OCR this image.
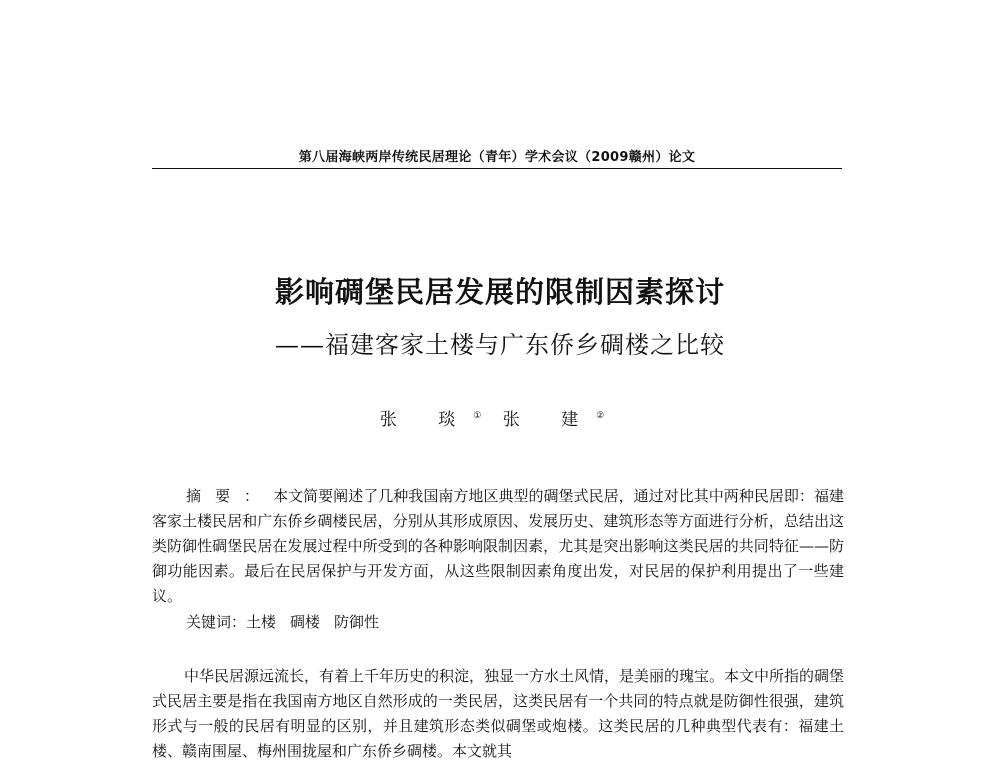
第八届海峡两岸传统民居理论（青年）学术会议（2009赣州）论文
影响碉堡民居发展的限制因素探讨
——福建客家土楼与广东侨乡碉楼之比较
张 琰① 张 建②

摘要：本文简要阐述了几种我国南方地区典型的碉堡式民居，通过对比其中两种民居即：福建客家土楼民居和广东侨乡碉楼民居，分别从其形成原因、发展历史、建筑形态等方面进行分析，总结出这类防御性碉堡民居在发展过程中所受到的各种影响限制因素，尤其是突出影响这类民居的共同特征——防御功能因素。最后在民居保护与开发方面，从这些限制因素角度出发，对民居的保护利用提出了一些建议。

关键词：土楼 碉楼 防御性

中华民居源远流长，有着上千年历史的积淀，独显一方水土风情，是美丽的瑰宝。本文中所指的碉堡式民居主要是指在我国南方地区自然形成的一类民居，这类民居有一个共同的特点就是防御性很强，建筑形式与一般的民居有明显的区别，并且建筑形态类似碉堡或炮楼。这类民居的几种典型代表有：福建土楼、赣南围屋、梅州围拢屋和广东侨乡碉楼。本文就其
